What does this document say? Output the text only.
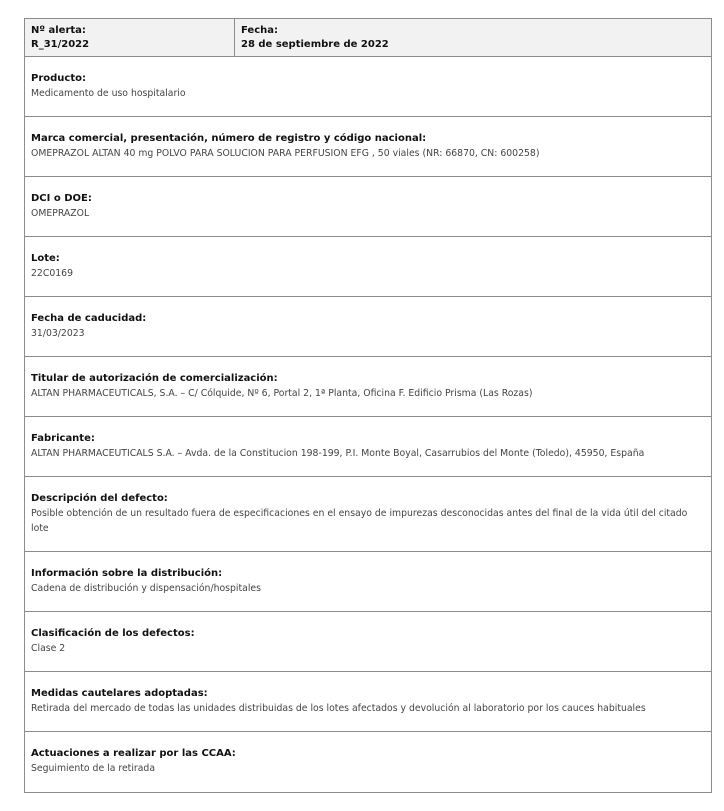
Nº alerta:
R_31/2022
Fecha:
28 de septiembre de 2022
Producto:
Medicamento de uso hospitalario
Marca comercial, presentación, número de registro y código nacional:
OMEPRAZOL ALTAN 40 mg POLVO PARA SOLUCION PARA PERFUSION EFG , 50 viales (NR: 66870, CN: 600258)
DCI o DOE:
OMEPRAZOL
Lote:
22C0169
Fecha de caducidad:
31/03/2023
Titular de autorización de comercialización:
ALTAN PHARMACEUTICALS, S.A. – C/ Cólquide, Nº 6, Portal 2, 1ª Planta, Oficina F. Edificio Prisma (Las Rozas)
Fabricante:
ALTAN PHARMACEUTICALS S.A. – Avda. de la Constitucion 198-199, P.I. Monte Boyal, Casarrubios del Monte (Toledo), 45950, España
Descripción del defecto:
Posible obtención de un resultado fuera de especificaciones en el ensayo de impurezas desconocidas antes del final de la vida útil del citado lote
Información sobre la distribución:
Cadena de distribución y dispensación/hospitales
Clasificación de los defectos:
Clase 2
Medidas cautelares adoptadas:
Retirada del mercado de todas las unidades distribuidas de los lotes afectados y devolución al laboratorio por los cauces habituales
Actuaciones a realizar por las CCAA:
Seguimiento de la retirada
